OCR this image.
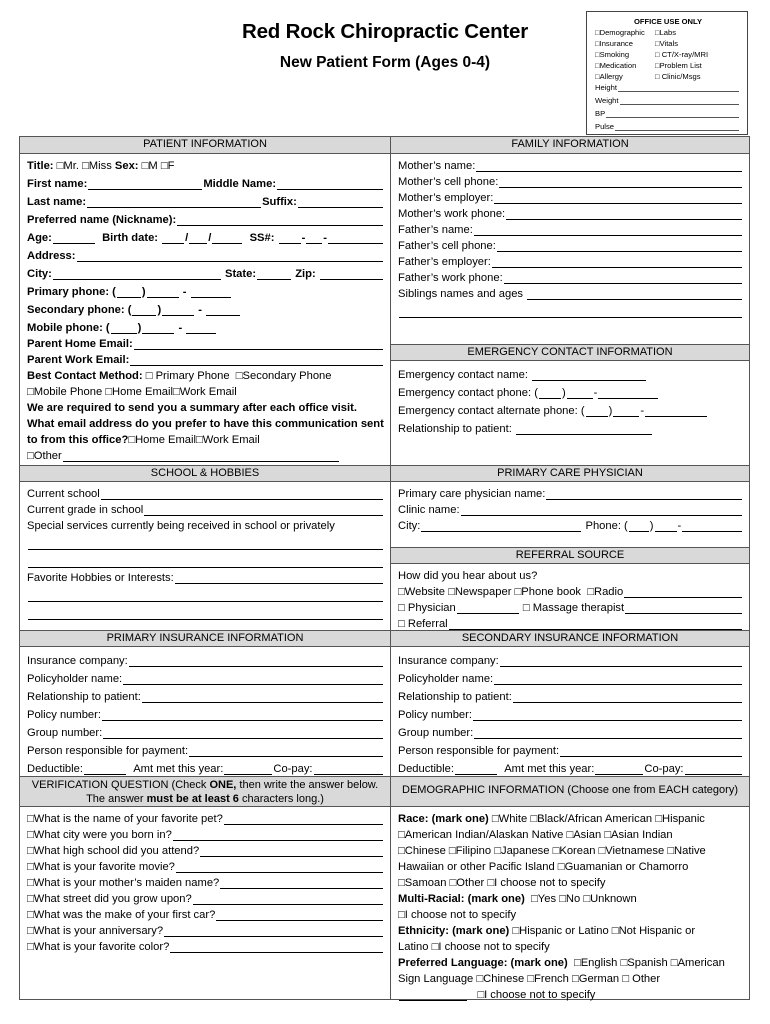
Red Rock Chiropractic Center
New Patient Form (Ages 0-4)
OFFICE USE ONLY
□Demographic	□Labs
□Insurance	□Vitals
□Smoking	□ CT/X-ray/MRI
□Medication	□Problem List
□Allergy	□ Clinic/Msgs
Height
Weight
BP
Pulse
PATIENT INFORMATION
Title:
□Mr.
□Miss
Sex:
□M
□F
First name:	Middle Name:
Last name:	Suffix:
Preferred name (Nickname):
Age:
	Birth date:
/ /
	SS#:
- -
Address:
City:
	State:
	Zip:

Primary phone: ( )	-
Secondary phone: ( )	-
Mobile phone: (	)	-
Parent Home Email:
Parent Work Email:
Best Contact Method:
□ Primary Phone
□Secondary Phone
□Mobile Phone
□Home Email □Work Email
We are required to send you a summary after each office visit.
What email address do you prefer to have this communication sent
to from this office? □Home Email □Work Email
□Other
SCHOOL & HOBBIES
Current school
Current grade in school
Special services currently being received in school or privately
Favorite Hobbies or Interests:
PRIMARY INSURANCE INFORMATION
Insurance company:
Policyholder name:
Relationship to patient:
Policy number:
Group number:
Person responsible for payment:
Deductible:
	Amt met this year:	Co-pay:
VERIFICATION QUESTION (Check ONE, then write the answer below.
The answer must be at least 6 characters long.)
□What is the name of your favorite pet?
□What city were you born in?
□What high school did you attend?
□What is your favorite movie?
□What is your mother’s maiden name?
□What street did you grow upon?
□What was the make of your first car?
□What is your anniversary?
□What is your favorite color?
FAMILY INFORMATION
Mother’s name:
Mother’s cell phone:
Mother’s employer:
Mother’s work phone:
Father’s name:
Father’s cell phone:
Father’s employer:
Father’s work phone:
Siblings names and ages

EMERGENCY CONTACT INFORMATION
Emergency contact name:

Emergency contact phone: ( )	-
Emergency contact alternate phone: ( )	-
Relationship to patient:

PRIMARY CARE PHYSICIAN
Primary care physician name:
Clinic name:
City:
	Phone: ( ) -
REFERRAL SOURCE
How did you hear about us?
□Website
□Newspaper
□Phone book
□Radio
□ Physician
	□ Massage therapist
□ Referral
SECONDARY INSURANCE INFORMATION
Insurance company:
Policyholder name:
Relationship to patient:
Policy number:
Group number:
Person responsible for payment:
Deductible:
	Amt met this year:	Co-pay:
DEMOGRAPHIC INFORMATION (Choose one from EACH category)
Race : (mark one)
□White □Black/African American □Hispanic
□American Indian/Alaskan Native □Asian □Asian Indian
□Chinese □Filipino □Japanese □Korean □Vietnamese □Native
Hawaiian or other Pacific Island □Guamanian or Chamorro
□Samoan □Other □I choose not to specify
Multi-Racial: (mark one)
□Yes □No □Unknown
□I choose not to specify
Ethnicity: (mark one)
□Hispanic or Latino □Not Hispanic or
Latino □I choose not to specify
Preferred Language : (mark one)
□English □Spanish □American
Sign Language □Chinese □French □German □ Other

□I choose not to specify
